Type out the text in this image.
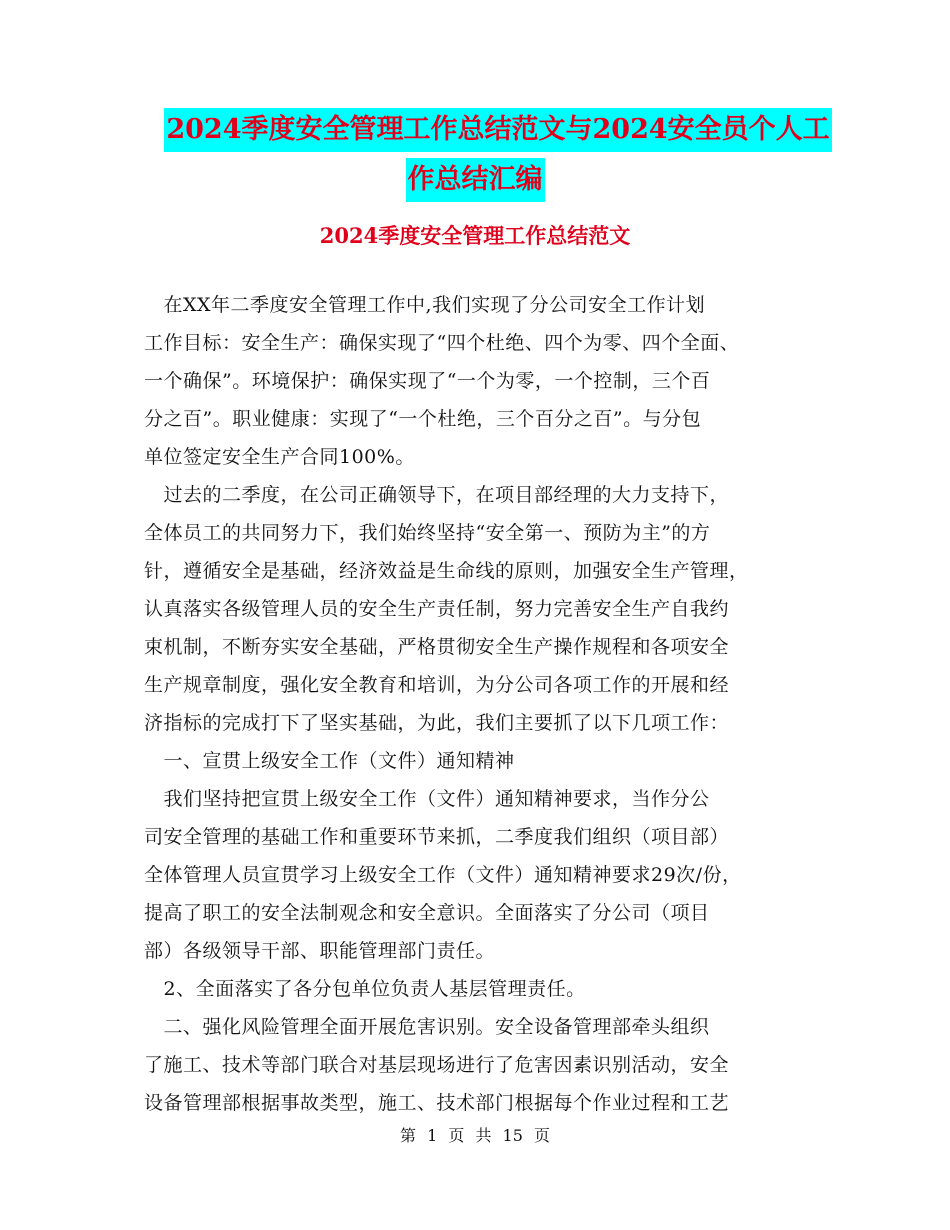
2024季度安全管理工作总结范文与2024安全员个人工
作总结汇编
2024季度安全管理工作总结范文
　在XX年二季度安全管理工作中,我们实现了分公司安全工作计划
工作目标：安全生产：确保实现了“四个杜绝、四个为零、四个全面、
一个确保”。环境保护：确保实现了“一个为零，一个控制，三个百
分之百”。职业健康：实现了“一个杜绝，三个百分之百”。与分包
单位签定安全生产合同100%。
　过去的二季度，在公司正确领导下，在项目部经理的大力支持下，
全体员工的共同努力下，我们始终坚持“安全第一、预防为主”的方
针，遵循安全是基础，经济效益是生命线的原则，加强安全生产管理，
认真落实各级管理人员的安全生产责任制，努力完善安全生产自我约
束机制，不断夯实安全基础，严格贯彻安全生产操作规程和各项安全
生产规章制度，强化安全教育和培训，为分公司各项工作的开展和经
济指标的完成打下了坚实基础，为此，我们主要抓了以下几项工作：
　一、宣贯上级安全工作（文件）通知精神
　我们坚持把宣贯上级安全工作（文件）通知精神要求，当作分公
司安全管理的基础工作和重要环节来抓，二季度我们组织（项目部）
全体管理人员宣贯学习上级安全工作（文件）通知精神要求29次/份，
提高了职工的安全法制观念和安全意识。全面落实了分公司（项目
部）各级领导干部、职能管理部门责任。
　2、全面落实了各分包单位负责人基层管理责任。
　二、强化风险管理全面开展危害识别。安全设备管理部牵头组织
了施工、技术等部门联合对基层现场进行了危害因素识别活动，安全
设备管理部根据事故类型，施工、技术部门根据每个作业过程和工艺
第 1 页 共 15 页
